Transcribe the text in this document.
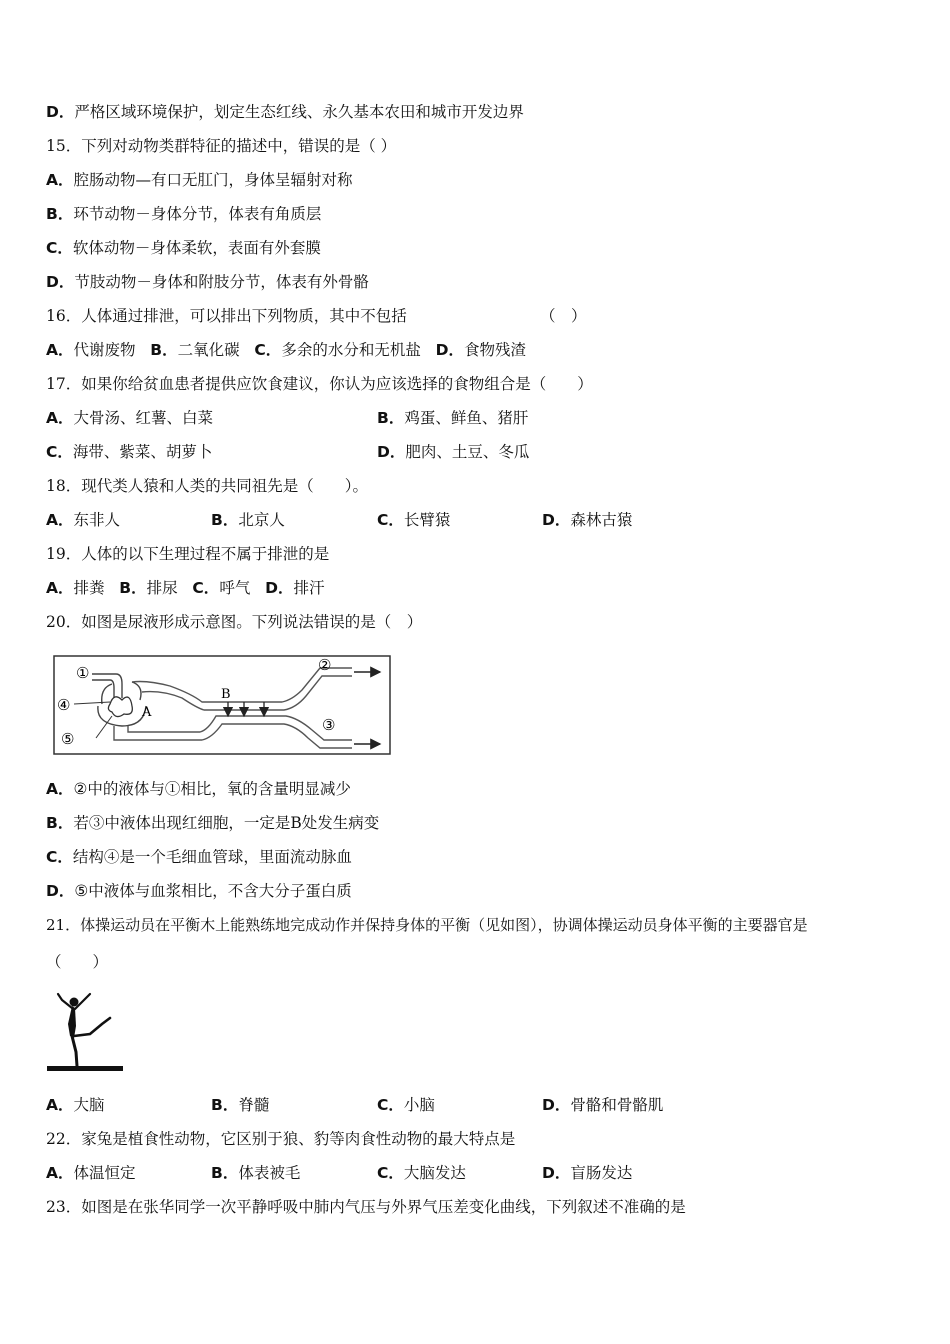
D．严格区域环境保护，划定生态红线、永久基本农田和城市开发边界
15．下列对动物类群特征的描述中，错误的是（ ）
A．腔肠动物—有口无肛门，身体呈辐射对称
B．环节动物－身体分节，体表有角质层
C．软体动物－身体柔软，表面有外套膜
D．节肢动物－身体和附肢分节，体表有外骨骼
16．人体通过排泄，可以排出下列物质，其中不包括	（　）
A．代谢废物 B．二氧化碳 C．多余的水分和无机盐 D．食物残渣
17．如果你给贫血患者提供应饮食建议，你认为应该选择的食物组合是（　　）
A．大骨汤、红薯、白菜	B．鸡蛋、鲜鱼、猪肝
C．海带、紫菜、胡萝卜	D．肥肉、土豆、冬瓜
18．现代类人猿和人类的共同祖先是（　　）。
A．东非人	B．北京人	C．长臂猿	D．森林古猿
19．人体的以下生理过程不属于排泄的是
A．排粪 B．排尿 C．呼气 D．排汗
20．如图是尿液形成示意图。下列说法错误的是（　）
①	②
③
④
⑤
A
B
A．②中的液体与①相比，氧的含量明显减少
B．若③中液体出现红细胞，一定是B处发生病变
C．结构④是一个毛细血管球，里面流动脉血
D．⑤中液体与血浆相比，不含大分子蛋白质
21．体操运动员在平衡木上能熟练地完成动作并保持身体的平衡（见如图），协调体操运动员身体平衡的主要器官是
（　　）
A．大脑	B．脊髓	C．小脑	D．骨骼和骨骼肌
22．家兔是植食性动物，它区别于狼、豹等肉食性动物的最大特点是
A．体温恒定	B．体表被毛	C．大脑发达	D．盲肠发达
23．如图是在张华同学一次平静呼吸中肺内气压与外界气压差变化曲线，下列叙述不准确的是
